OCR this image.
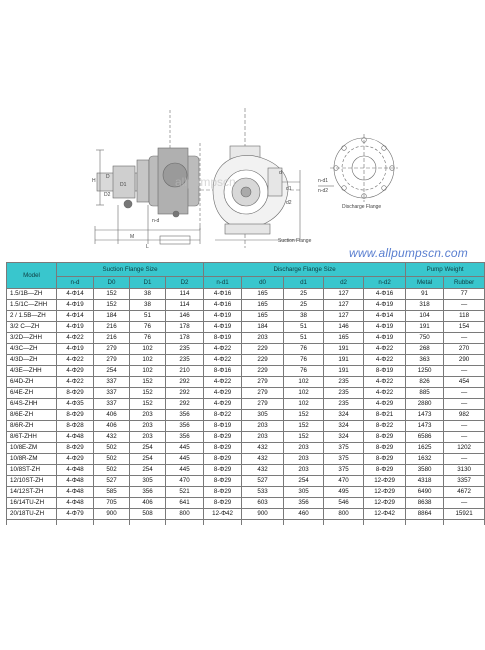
Discharge Flange
Suction Flange
D
D1
D2
d
d1
d2
M
H
L
n-d
n-d1
n-d2
allpumpscn
www.allpumpscn.com
Model	Suction Flange Size				Discharge Flange Size					Pump Weight	
	n-d	D0	D1	D2	n-d1	d0	d1	d2	n-d2	Metal	Rubber
1.5/1B—ZH	4-Φ14	152	38	114	4-Φ16	165	25	127	4-Φ16	91	77
1.5/1C—ZHH	4-Φ19	152	38	114	4-Φ16	165	25	127	4-Φ19	318	—
2 / 1.5B—ZH	4-Φ14	184	51	146	4-Φ19	165	38	127	4-Φ14	104	118
3/2 C—ZH	4-Φ19	216	76	178	4-Φ19	184	51	146	4-Φ19	191	154
3/2D—ZHH	4-Φ22	216	76	178	8-Φ19	203	51	165	4-Φ19	750	—
4/3C—ZH	4-Φ19	279	102	235	4-Φ22	229	76	191	4-Φ22	268	270
4/3D—ZH	4-Φ22	279	102	235	4-Φ22	229	76	191	4-Φ22	363	290
4/3E—ZHH	4-Φ29	254	102	210	8-Φ16	229	76	191	8-Φ19	1250	—
6/4D-ZH	4-Φ22	337	152	292	4-Φ22	279	102	235	4-Φ22	826	454
6/4E-ZH	8-Φ29	337	152	292	4-Φ29	279	102	235	4-Φ22	885	—
6/4S-ZHH	4-Φ35	337	152	292	4-Φ29	279	102	235	4-Φ29	2880	—
8/6E-ZH	8-Φ29	406	203	356	8-Φ22	305	152	324	8-Φ21	1473	982
8/6R-ZH	8-Φ28	406	203	356	8-Φ19	203	152	324	8-Φ22	1473	—
8/6T-ZHH	4-Φ48	432	203	356	8-Φ29	203	152	324	8-Φ29	6586	—
10/8E-ZM	8-Φ29	502	254	445	8-Φ29	432	203	375	8-Φ29	1625	1202
10/8R-ZM	4-Φ29	502	254	445	8-Φ29	432	203	375	8-Φ29	1632	—
10/8ST-ZH	4-Φ48	502	254	445	8-Φ29	432	203	375	8-Φ29	3580	3130
12/10ST-ZH	4-Φ48	527	305	470	8-Φ29	527	254	470	12-Φ29	4318	3357
14/12ST-ZH	4-Φ48	585	356	521	8-Φ29	533	305	495	12-Φ29	6490	4672
16/14TU-ZH	4-Φ48	705	406	641	8-Φ29	603	356	546	12-Φ29	8638	—
20/18TU-ZH	4-Φ79	900	508	800	12-Φ42	900	460	800	12-Φ42	8864	15921
